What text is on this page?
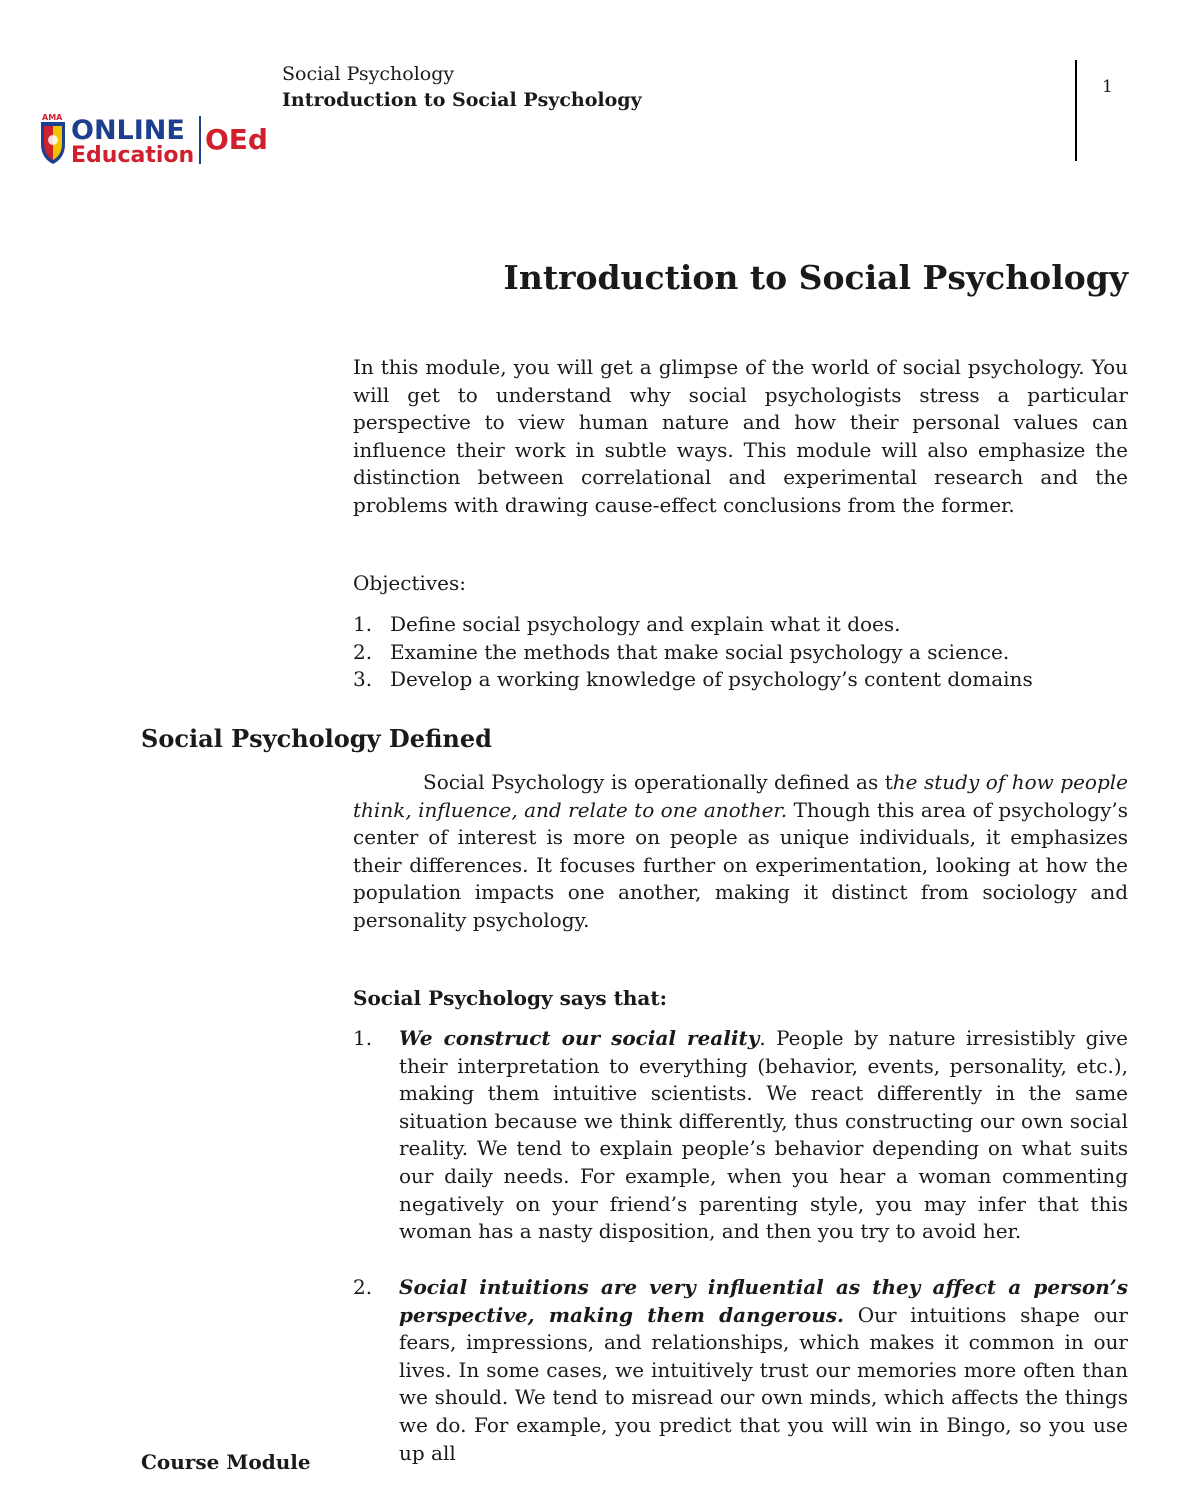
AMA ONLINE
Education OEd
Social Psychology
Introduction to Social Psychology
1
Introduction to Social Psychology
In this module, you will get a glimpse of the world of social psychology. You will get to understand why social psychologists stress a particular perspective to view human nature and how their personal values can influence their work in subtle ways. This module will also emphasize the distinction between correlational and experimental research and the problems with drawing cause-effect conclusions from the former.
Objectives:
1. Define social psychology and explain what it does.
2. Examine the methods that make social psychology a science.
3. Develop a working knowledge of psychology’s content domains
Social Psychology Defined
Social Psychology is operationally defined as the study of how people think, influence, and relate to one another. Though this area of psychology’s center of interest is more on people as unique individuals, it emphasizes their differences. It focuses further on experimentation, looking at how the population impacts one another, making it distinct from sociology and personality psychology.
Social Psychology says that:
1.	We construct our social reality. People by nature irresistibly give their interpretation to everything (behavior, events, personality, etc.), making them intuitive scientists. We react differently in the same situation because we think differently, thus constructing our own social reality. We tend to explain people’s behavior depending on what suits our daily needs. For example, when you hear a woman commenting negatively on your friend’s parenting style, you may infer that this woman has a nasty disposition, and then you try to avoid her.
2.	Social intuitions are very influential as they affect a person’s perspective, making them dangerous. Our intuitions shape our fears, impressions, and relationships, which makes it common in our lives. In some cases, we intuitively trust our memories more often than we should. We tend to misread our own minds, which affects the things we do. For example, you predict that you will win in Bingo, so you use up all
Course Module
